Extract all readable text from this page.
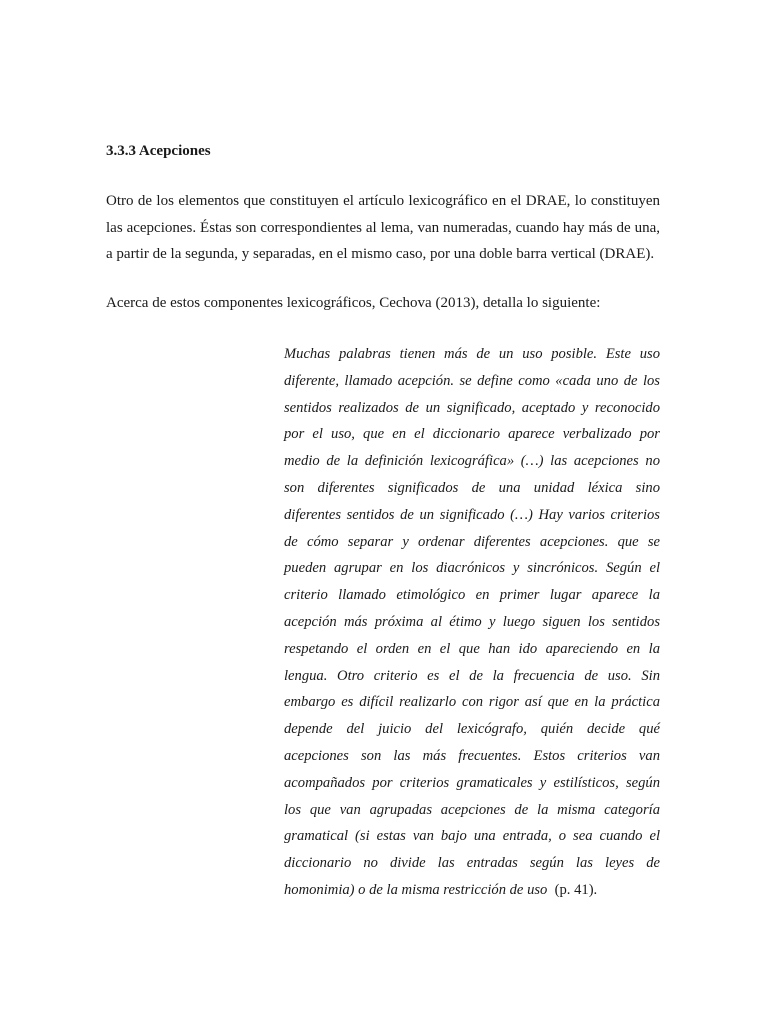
3.3.3 Acepciones
Otro de los elementos que constituyen el artículo lexicográfico en el DRAE, lo constituyen
las acepciones. Éstas son correspondientes al lema, van numeradas, cuando hay más de una,
a partir de la segunda, y separadas, en el mismo caso, por una doble barra vertical (DRAE).
Acerca de estos componentes lexicográficos, Cechova (2013), detalla lo siguiente:
Muchas palabras tienen más de un uso posible. Este uso
diferente, llamado acepción. se define como «cada uno de los
sentidos realizados de un significado, aceptado y reconocido
por el uso, que en el diccionario aparece verbalizado por
medio de la definición lexicográfica» (…) las acepciones no
son diferentes significados de una unidad léxica sino
diferentes sentidos de un significado (…) Hay varios criterios
de cómo separar y ordenar diferentes acepciones. que se
pueden agrupar en los diacrónicos y sincrónicos. Según el
criterio llamado etimológico en primer lugar aparece la
acepción más próxima al étimo y luego siguen los sentidos
respetando el orden en el que han ido apareciendo en la
lengua. Otro criterio es el de la frecuencia de uso. Sin
embargo es difícil realizarlo con rigor así que en la práctica
depende del juicio del lexicógrafo, quién decide qué
acepciones son las más frecuentes. Estos criterios van
acompañados por criterios gramaticales y estilísticos, según
los que van agrupadas acepciones de la misma categoría
gramatical (si estas van bajo una entrada, o sea cuando el
diccionario no divide las entradas según las leyes de
homonimia) o de la misma restricción de uso (p. 41).
